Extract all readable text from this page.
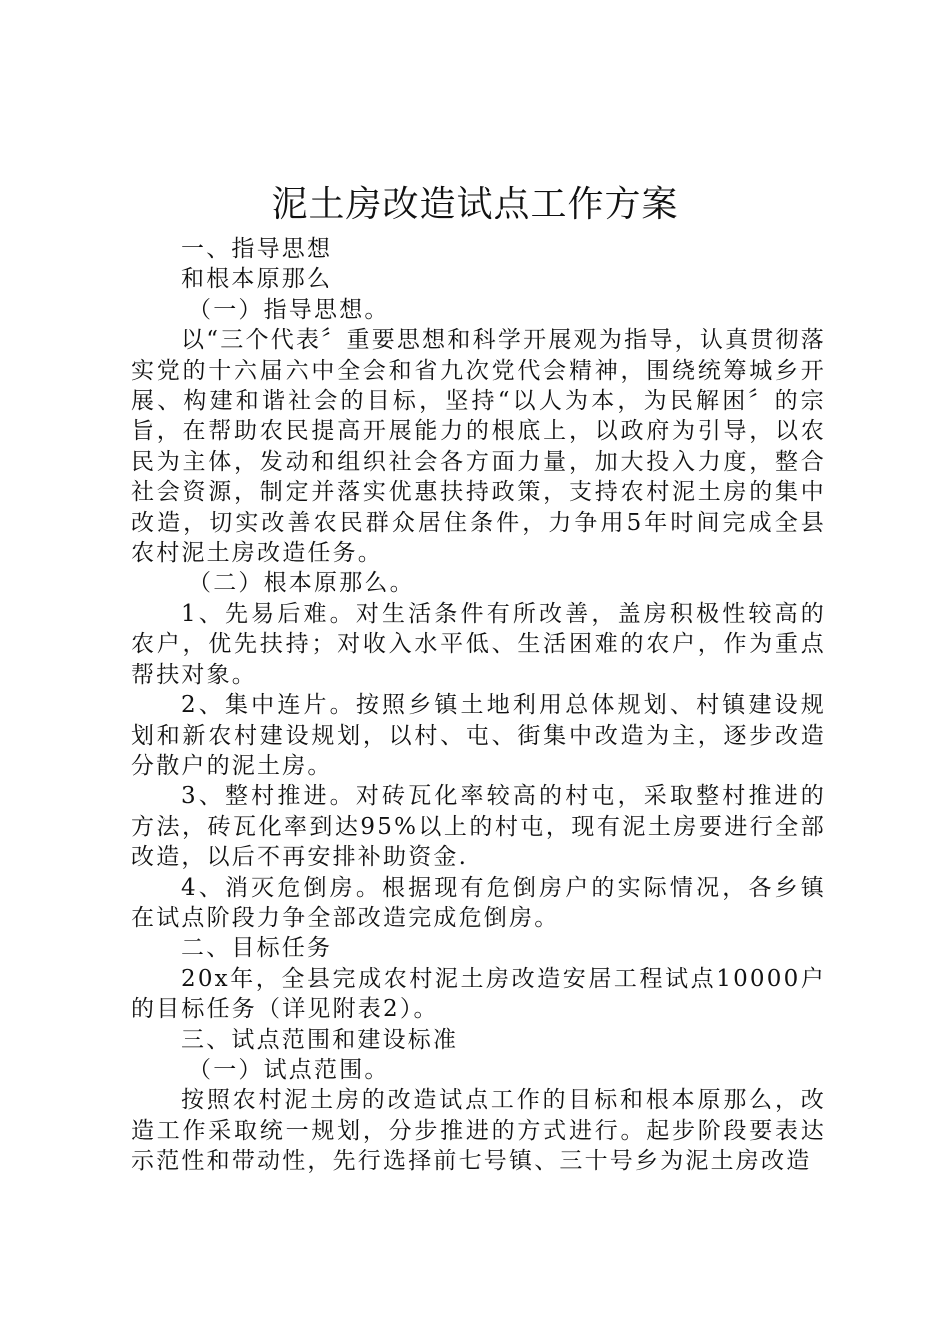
泥土房改造试点工作方案

一、指导思想

和根本原那么

（一）指导思想。

以“三个代表〞重要思想和科学开展观为指导，认真贯彻落实党的十六届六中全会和省九次党代会精神，围绕统筹城乡开展、构建和谐社会的目标，坚持“以人为本，为民解困〞的宗旨，在帮助农民提高开展能力的根底上，以政府为引导，以农民为主体，发动和组织社会各方面力量，加大投入力度，整合社会资源，制定并落实优惠扶持政策，支持农村泥土房的集中改造，切实改善农民群众居住条件，力争用5年时间完成全县农村泥土房改造任务。

（二）根本原那么。

1、先易后难。对生活条件有所改善，盖房积极性较高的农户，优先扶持；对收入水平低、生活困难的农户，作为重点帮扶对象。

2、集中连片。按照乡镇土地利用总体规划、村镇建设规划和新农村建设规划，以村、屯、街集中改造为主，逐步改造分散户的泥土房。

3、整村推进。对砖瓦化率较高的村屯，采取整村推进的方法，砖瓦化率到达95%以上的村屯，现有泥土房要进行全部改造，以后不再安排补助资金.

4、消灭危倒房。根据现有危倒房户的实际情况，各乡镇在试点阶段力争全部改造完成危倒房。

二、目标任务

20x年，全县完成农村泥土房改造安居工程试点10000户的目标任务（详见附表2）。

三、试点范围和建设标准

（一）试点范围。

按照农村泥土房的改造试点工作的目标和根本原那么，改造工作采取统一规划，分步推进的方式进行。起步阶段要表达示范性和带动性，先行选择前七号镇、三十号乡为泥土房改造
